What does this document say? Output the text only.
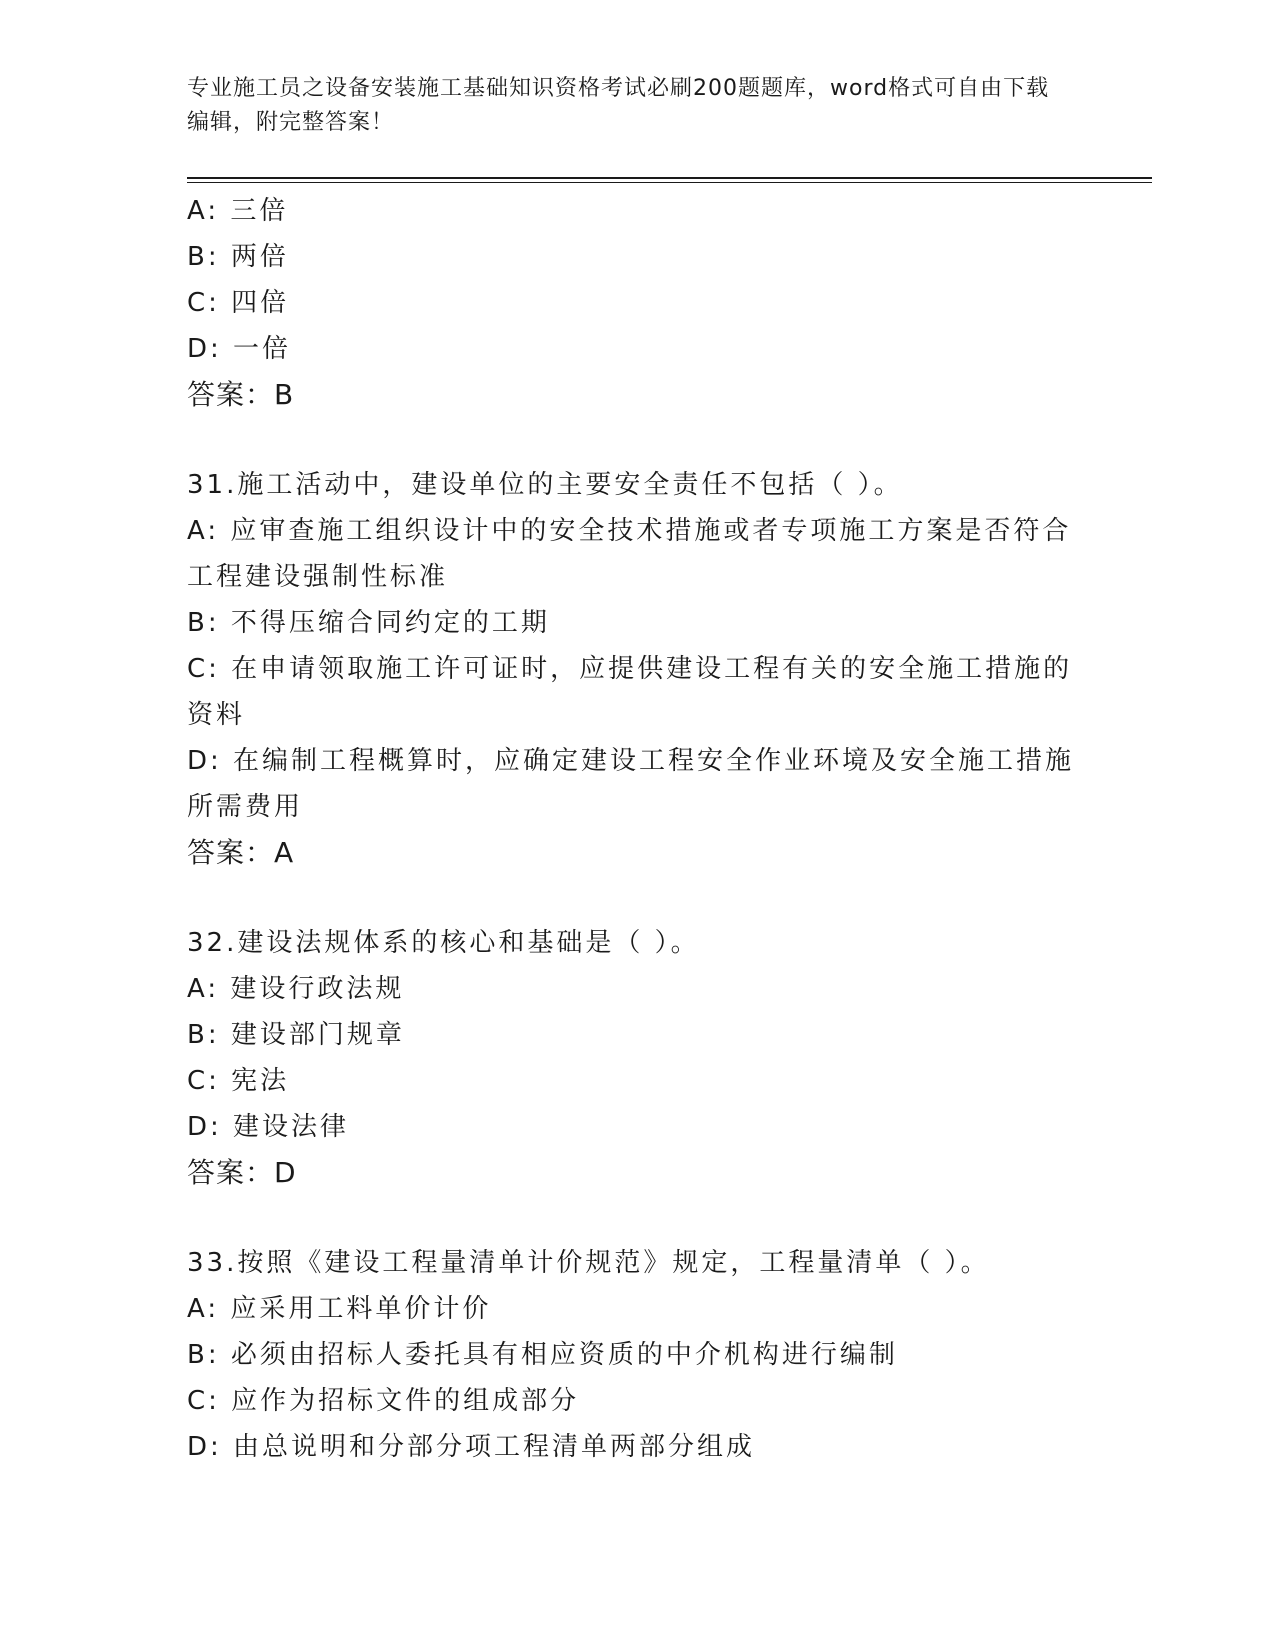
专业施工员之设备安装施工基础知识资格考试必刷200题题库，word格式可自由下载编辑，附完整答案！
A: 三倍
B: 两倍
C: 四倍
D: 一倍
答案：B
31.施工活动中，建设单位的主要安全责任不包括（ ）。
A: 应审查施工组织设计中的安全技术措施或者专项施工方案是否符合工程建设强制性标准
B: 不得压缩合同约定的工期
C: 在申请领取施工许可证时，应提供建设工程有关的安全施工措施的资料
D: 在编制工程概算时，应确定建设工程安全作业环境及安全施工措施所需费用
答案：A
32.建设法规体系的核心和基础是（ ）。
A: 建设行政法规
B: 建设部门规章
C: 宪法
D: 建设法律
答案：D
33.按照《建设工程量清单计价规范》规定，工程量清单（ ）。
A: 应采用工料单价计价
B: 必须由招标人委托具有相应资质的中介机构进行编制
C: 应作为招标文件的组成部分
D: 由总说明和分部分项工程清单两部分组成
